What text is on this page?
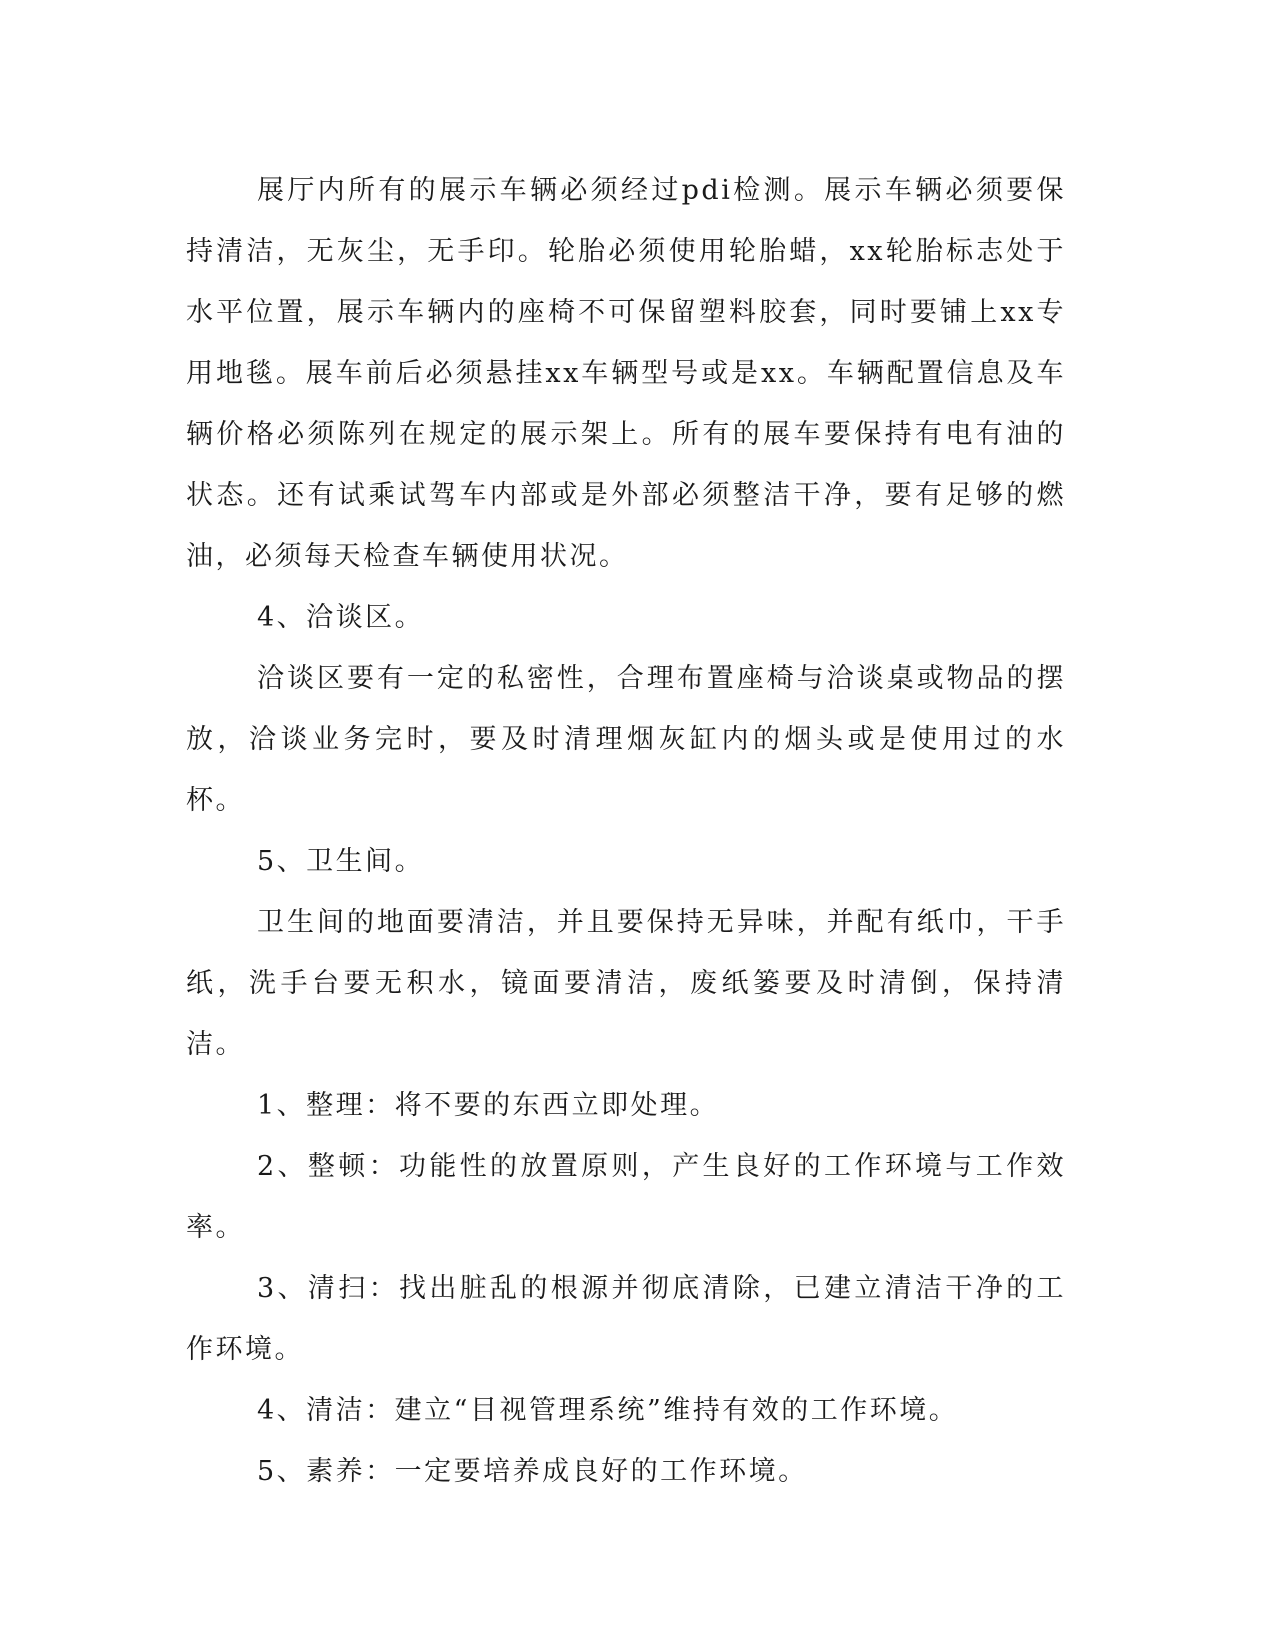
展厅内所有的展示车辆必须经过pdi检测。展示车辆必须要保持清洁，无灰尘，无手印。轮胎必须使用轮胎蜡，xx轮胎标志处于水平位置，展示车辆内的座椅不可保留塑料胶套，同时要铺上xx专用地毯。展车前后必须悬挂xx车辆型号或是xx。车辆配置信息及车辆价格必须陈列在规定的展示架上。所有的展车要保持有电有油的状态。还有试乘试驾车内部或是外部必须整洁干净，要有足够的燃油，必须每天检查车辆使用状况。

4、洽谈区。

洽谈区要有一定的私密性，合理布置座椅与洽谈桌或物品的摆放，洽谈业务完时，要及时清理烟灰缸内的烟头或是使用过的水杯。

5、卫生间。

卫生间的地面要清洁，并且要保持无异味，并配有纸巾，干手纸，洗手台要无积水，镜面要清洁，废纸篓要及时清倒，保持清洁。

1、整理：将不要的东西立即处理。

2、整顿：功能性的放置原则，产生良好的工作环境与工作效率。

3、清扫：找出脏乱的根源并彻底清除，已建立清洁干净的工作环境。

4、清洁：建立“目视管理系统”维持有效的工作环境。

5、素养：一定要培养成良好的工作环境。
